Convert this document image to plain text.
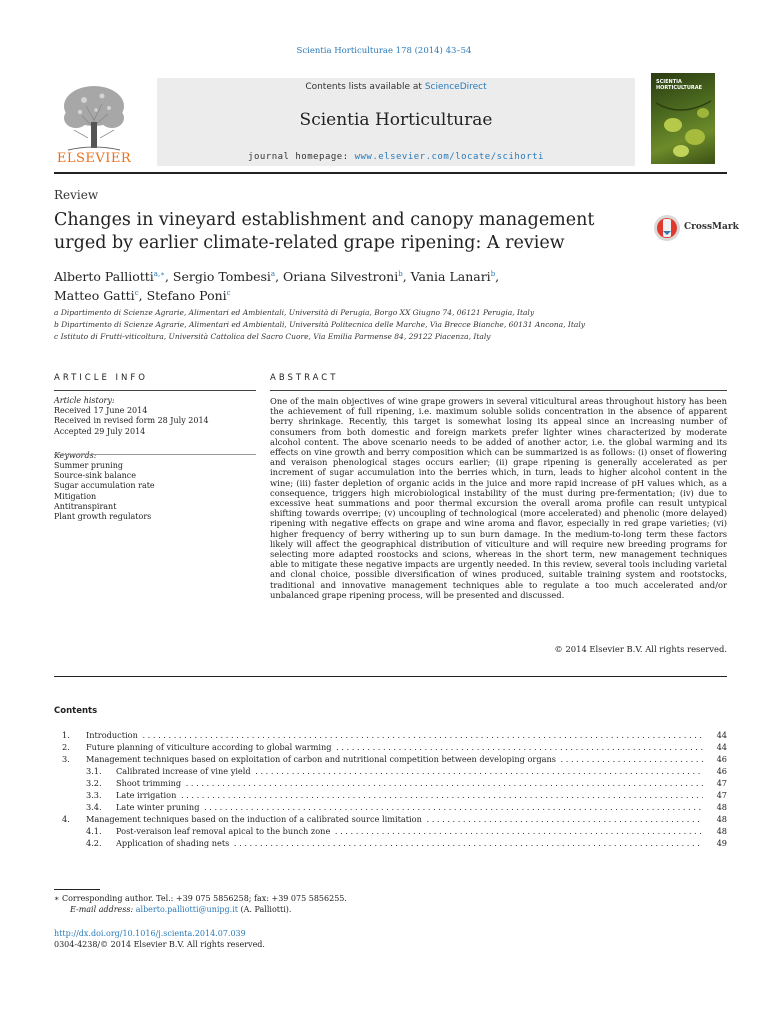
Scientia Horticulturae 178 (2014) 43–54
ELSEVIER
Contents lists available at ScienceDirect
Scientia Horticulturae
journal homepage: www.elsevier.com/locate/scihorti
SCIENTIA HORTICULTURAE
Review
Changes in vineyard establishment and canopy management urged by earlier climate-related grape ripening: A review
CrossMark
Alberto Palliotti$^{a,∗}$, Sergio Tombesi$^a$, Oriana Silvestroni$^b$, Vania Lanari$^b$,
Matteo Gatti$^c$, Stefano Poni$^c$
a Dipartimento di Scienze Agrarie, Alimentari ed Ambientali, Università di Perugia, Borgo XX Giugno 74, 06121 Perugia, Italy
b Dipartimento di Scienze Agrarie, Alimentari ed Ambientali, Università Politecnica delle Marche, Via Brecce Bianche, 60131 Ancona, Italy
c Istituto di Frutti-viticoltura, Università Cattolica del Sacro Cuore, Via Emilia Parmense 84, 29122 Piacenza, Italy
ARTICLE INFO	ABSTRACT
Article history:
Received 17 June 2014
Received in revised form 28 July 2014
Accepted 29 July 2014
Keywords:
Summer pruning
Source-sink balance
Sugar accumulation rate
Mitigation
Antitranspirant
Plant growth regulators
One of the main objectives of wine grape growers in several viticultural areas throughout history has been the achievement of full ripening, i.e. maximum soluble solids concentration in the absence of apparent berry shrinkage. Recently, this target is somewhat losing its appeal since an increasing number of consumers from both domestic and foreign markets prefer lighter wines characterized by moderate alcohol content. The above scenario needs to be added of another actor, i.e. the global warming and its effects on vine growth and berry composition which can be summarized is as follows: (i) onset of flowering and veraison phenological stages occurs earlier; (ii) grape ripening is generally accelerated as per increment of sugar accumulation into the berries which, in turn, leads to higher alcohol content in the wine; (iii) faster depletion of organic acids in the juice and more rapid increase of pH values which, as a consequence, triggers high microbiological instability of the must during pre-fermentation; (iv) due to excessive heat summations and poor thermal excursion the overall aroma profile can result untypical shifting towards overripe; (v) uncoupling of technological (more accelerated) and phenolic (more delayed) ripening with negative effects on grape and wine aroma and flavor, especially in red grape varieties; (vi) higher frequency of berry withering up to sun burn damage. In the medium-to-long term these factors likely will affect the geographical distribution of viticulture and will require new breeding programs for selecting more adapted roostocks and scions, whereas in the short term, new management techniques able to mitigate these negative impacts are urgently needed. In this review, several tools including varietal and clonal choice, possible diversification of wines produced, suitable training system and rootstocks, traditional and innovative management techniques able to regulate a too much accelerated and/or unbalanced grape ripening process, will be presented and discussed.
© 2014 Elsevier B.V. All rights reserved.
Contents
1. Introduction . . .	44
2. Future planning of viticulture according to global warming . . .	44
3. Management techniques based on exploitation of carbon and nutritional competition between developing organs . . .	46
3.1. Calibrated increase of vine yield . . .	46
3.2. Shoot trimming . . .	47
3.3. Late irrigation . . .	47
3.4. Late winter pruning . . .	48
4. Management techniques based on the induction of a calibrated source limitation . . .	48
4.1. Post-veraison leaf removal apical to the bunch zone . . .	48
4.2. Application of shading nets . . .	49
∗ Corresponding author. Tel.: +39 075 5856258; fax: +39 075 5856255.
E-mail address: alberto.palliotti@unipg.it (A. Palliotti).
http://dx.doi.org/10.1016/j.scienta.2014.07.039
0304-4238/© 2014 Elsevier B.V. All rights reserved.
